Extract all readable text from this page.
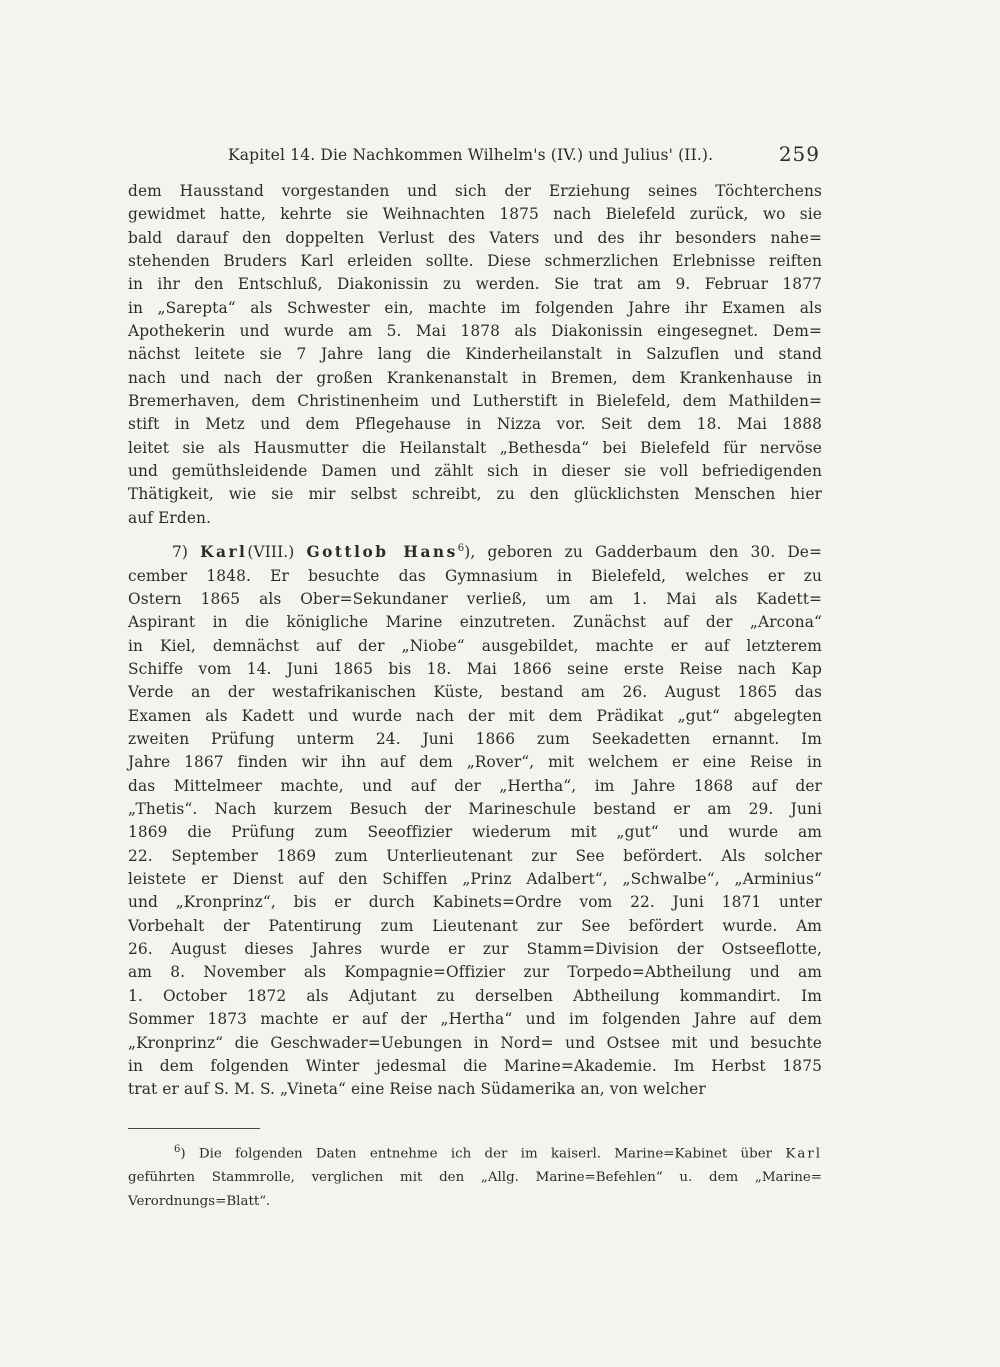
Kapitel 14. Die Nachkommen Wilhelm's (IV.) und Julius' (II.).	259
dem Hausstand vorgestanden und sich der Erziehung seines Töchterchens
gewidmet hatte, kehrte sie Weihnachten 1875 nach Bielefeld zurück, wo sie
bald darauf den doppelten Verlust des Vaters und des ihr besonders nahe=
stehenden Bruders Karl erleiden sollte. Diese schmerzlichen Erlebnisse reiften
in ihr den Entschluß, Diakonissin zu werden. Sie trat am 9. Februar 1877
in „Sarepta“ als Schwester ein, machte im folgenden Jahre ihr Examen als
Apothekerin und wurde am 5. Mai 1878 als Diakonissin eingesegnet. Dem=
nächst leitete sie 7 Jahre lang die Kinderheilanstalt in Salzuflen und stand
nach und nach der großen Krankenanstalt in Bremen, dem Krankenhause in
Bremerhaven, dem Christinenheim und Lutherstift in Bielefeld, dem Mathilden=
stift in Metz und dem Pflegehause in Nizza vor. Seit dem 18. Mai 1888
leitet sie als Hausmutter die Heilanstalt „Bethesda“ bei Bielefeld für nervöse
und gemüthsleidende Damen und zählt sich in dieser sie voll befriedigenden
Thätigkeit, wie sie mir selbst schreibt, zu den glücklichsten Menschen hier
auf Erden.
7) Karl(VIII.) Gottlob Hans$^6$), geboren zu Gadderbaum den 30. De=
cember 1848. Er besuchte das Gymnasium in Bielefeld, welches er zu
Ostern 1865 als Ober=Sekundaner verließ, um am 1. Mai als Kadett=
Aspirant in die königliche Marine einzutreten. Zunächst auf der „Arcona“
in Kiel, demnächst auf der „Niobe“ ausgebildet, machte er auf letzterem
Schiffe vom 14. Juni 1865 bis 18. Mai 1866 seine erste Reise nach Kap
Verde an der westafrikanischen Küste, bestand am 26. August 1865 das
Examen als Kadett und wurde nach der mit dem Prädikat „gut“ abgelegten
zweiten Prüfung unterm 24. Juni 1866 zum Seekadetten ernannt. Im
Jahre 1867 finden wir ihn auf dem „Rover“, mit welchem er eine Reise in
das Mittelmeer machte, und auf der „Hertha“, im Jahre 1868 auf der
„Thetis“. Nach kurzem Besuch der Marineschule bestand er am 29. Juni
1869 die Prüfung zum Seeoffizier wiederum mit „gut“ und wurde am
22. September 1869 zum Unterlieutenant zur See befördert. Als solcher
leistete er Dienst auf den Schiffen „Prinz Adalbert“, „Schwalbe“, „Arminius“
und „Kronprinz“, bis er durch Kabinets=Ordre vom 22. Juni 1871 unter
Vorbehalt der Patentirung zum Lieutenant zur See befördert wurde. Am
26. August dieses Jahres wurde er zur Stamm=Division der Ostseeflotte,
am 8. November als Kompagnie=Offizier zur Torpedo=Abtheilung und am
1. October 1872 als Adjutant zu derselben Abtheilung kommandirt. Im
Sommer 1873 machte er auf der „Hertha“ und im folgenden Jahre auf dem
„Kronprinz“ die Geschwader=Uebungen in Nord= und Ostsee mit und besuchte
in dem folgenden Winter jedesmal die Marine=Akademie. Im Herbst 1875
trat er auf S. M. S. „Vineta“ eine Reise nach Südamerika an, von welcher
$^6$) Die folgenden Daten entnehme ich der im kaiserl. Marine=Kabinet über Karl
geführten Stammrolle, verglichen mit den „Allg. Marine=Befehlen“ u. dem „Marine=
Verordnungs=Blatt“.
